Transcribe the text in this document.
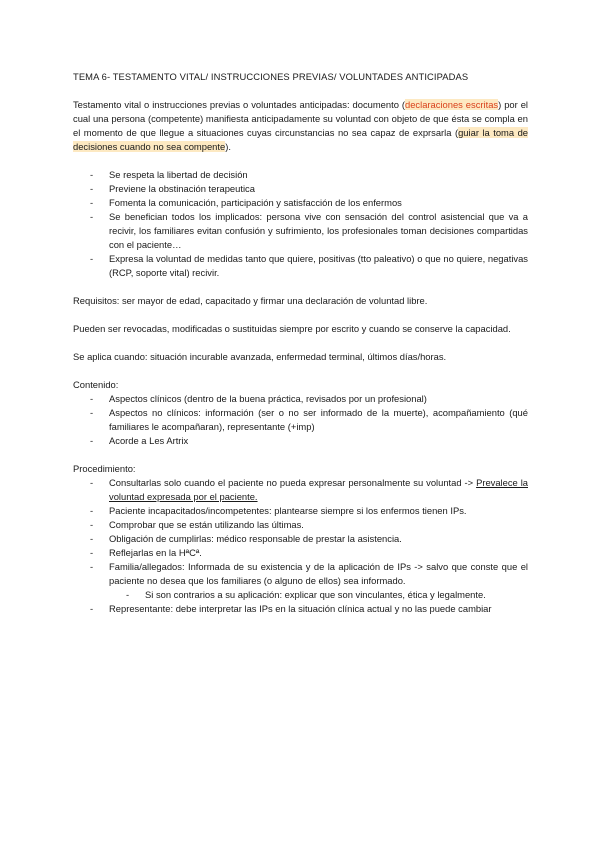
TEMA 6- TESTAMENTO VITAL/ INSTRUCCIONES PREVIAS/ VOLUNTADES ANTICIPADAS

Testamento vital o instrucciones previas o voluntades anticipadas: documento (declaraciones escritas) por el cual una persona (competente) manifiesta anticipadamente su voluntad con objeto de que ésta se compla en el momento de que llegue a situaciones cuyas circunstancias no sea capaz de exprsarla (guiar la toma de decisiones cuando no sea compente).

- Se respeta la libertad de decisión
- Previene la obstinación terapeutica
- Fomenta la comunicación, participación y satisfacción de los enfermos
- Se benefician todos los implicados: persona vive con sensación del control asistencial que va a recivir, los familiares evitan confusión y sufrimiento, los profesionales toman decisiones compartidas con el paciente…
- Expresa la voluntad de medidas tanto que quiere, positivas (tto paleativo) o que no quiere, negativas (RCP, soporte vital) recivir.

Requisitos: ser mayor de edad, capacitado y firmar una declaración de voluntad libre.

Pueden ser revocadas, modificadas o sustituidas siempre por escrito y cuando se conserve la capacidad.

Se aplica cuando: situación incurable avanzada, enfermedad terminal, últimos días/horas.

Contenido:

- Aspectos clínicos (dentro de la buena práctica, revisados por un profesional)
- Aspectos no clínicos: información (ser o no ser informado de la muerte), acompañamiento (qué familiares le acompañaran), representante (+imp)
- Acorde a Les Artrix

Procedimiento:

- Consultarlas solo cuando el paciente no pueda expresar personalmente su voluntad -> Prevalece la voluntad expresada por el paciente.
- Paciente incapacitados/incompetentes: plantearse siempre si los enfermos tienen IPs.
- Comprobar que se están utilizando las últimas.
- Obligación de cumplirlas: médico responsable de prestar la asistencia.
- Reflejarlas en la HªCª.
- Familia/allegados: Informada de su existencia y de la aplicación de IPs -> salvo que conste que el paciente no desea que los familiares (o alguno de ellos) sea informado.
- Si son contrarios a su aplicación: explicar que son vinculantes, ética y legalmente.
- Representante: debe interpretar las IPs en la situación clínica actual y no las puede cambiar
